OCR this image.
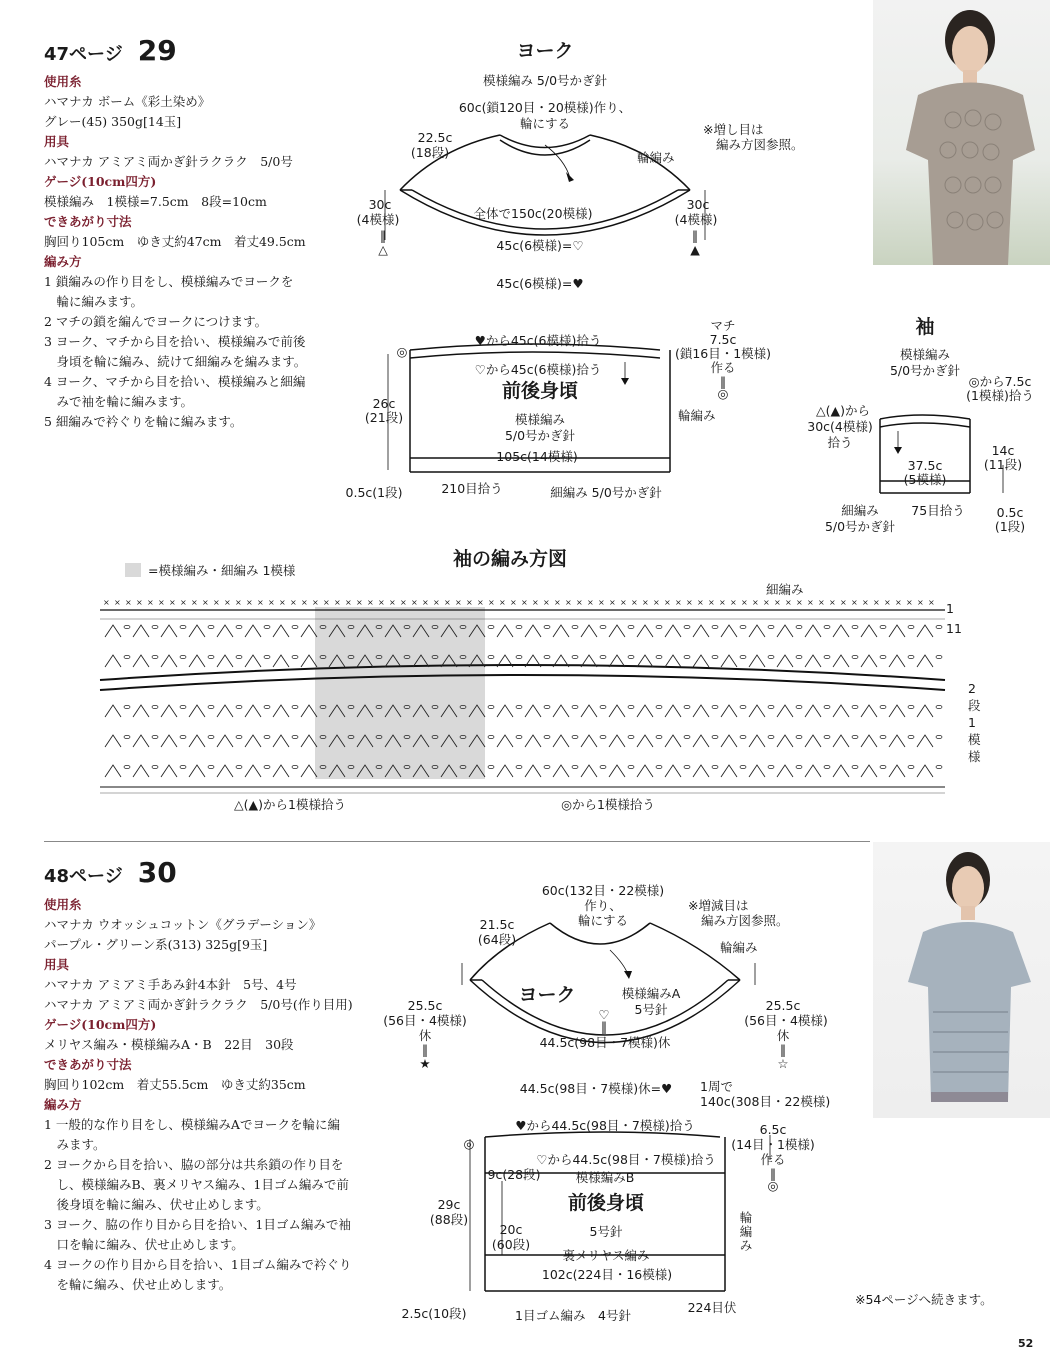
47ページ 29
使用糸
ハマナカ ボーム《彩土染め》
グレー(45) 350g[14玉]
用具
ハマナカ アミアミ両かぎ針ラクラク　5/0号
ゲージ(10cm四方)
模様編み　1模様=7.5cm　8段=10cm
できあがり寸法
胸回り105cm　ゆき丈約47cm　着丈49.5cm
編み方
1 鎖編みの作り目をし、模様編みでヨークを
　輪に編みます。
2 マチの鎖を編んでヨークにつけます。
3 ヨーク、マチから目を拾い、模様編みで前後
　身頃を輪に編み、続けて細編みを編みます。
4 ヨーク、マチから目を拾い、模様編みと細編
　みで袖を輪に編みます。
5 細編みで衿ぐりを輪に編みます。
ヨーク
模様編み 5/0号かぎ針
60c(鎖120目・20模様)作り、
輪にする
22.5c
(18段)	輪編み
※増し目は
編み方図参照。
30c
(4模様)
‖
△
30c
(4模様)
‖
▲
全体で150c(20模様)
45c(6模様)=♡
45c(6模様)=♥
♥から45c(6模様)拾う
♡から45c(6模様)拾う
前後身頃
模様編み
5/0号かぎ針
105c(14模様)
26c
(21段)	輪編み
0.5c(1段)	210目拾う	細編み 5/0号かぎ針
◎
マチ
7.5c
(鎖16目・1模様)
作る
‖
◎
袖
模様編み
5/0号かぎ針
◎から7.5c
(1模様)拾う
△(▲)から
30c(4模様)
拾う
37.5c
(5模様)
14c
(11段)
0.5c
(1段)
75目拾う
細編み
5/0号かぎ針
袖の編み方図
=模様編み・細編み 1模様
細編み
1
11
2段1模様
× × × × × × × × × × × × × × × × × × × × × × × × × × × × × × × × × × × × × × × × × × × × × × × × × × × × × × × × × × × × × × × × × × × × × × × × × × × ×
△(▲)から1模様拾う	◎から1模様拾う
48ページ 30
使用糸
ハマナカ ウオッシュコットン《グラデーション》
パープル・グリーン系(313) 325g[9玉]
用具
ハマナカ アミアミ手あみ針4本針　5号、4号
ハマナカ アミアミ両かぎ針ラクラク　5/0号(作り目用)
ゲージ(10cm四方)
メリヤス編み・模様編みA・B　22目　30段
できあがり寸法
胸回り102cm　着丈55.5cm　ゆき丈約35cm
編み方
1 一般的な作り目をし、模様編みAでヨークを輪に編
　みます。
2 ヨークから目を拾い、脇の部分は共糸鎖の作り目を
　し、模様編みB、裏メリヤス編み、1目ゴム編みで前
　後身頃を輪に編み、伏せ止めします。
3 ヨーク、脇の作り目から目を拾い、1目ゴム編みで袖
　口を輪に編み、伏せ止めします。
4 ヨークの作り目から目を拾い、1目ゴム編みで衿ぐり
　を輪に編み、伏せ止めします。
60c(132目・22模様)
作り、
輪にする
21.5c
(64段)
輪編み
※増減目は
編み方図参照。
ヨーク	模様編みA
5号針
♡
‖
25.5c
(56目・4模様)
休
‖
★
25.5c
(56目・4模様)
休
‖
☆
44.5c(98目・7模様)休
44.5c(98目・7模様)休=♥ 1周で
140c(308目・22模様)
♥から44.5c(98目・7模様)拾う
♡から44.5c(98目・7模様)拾う
9c(28段)	模様編みB
前後身頃
5号針
裏メリヤス編み
102c(224目・16模様)
29c
(88段)
20c
(60段)
輪
編
み
2.5c(10段)	1目ゴム編み　4号針
224目伏
◎
6.5c
(14目・1模様)
作る
‖
◎
※54ページへ続きます。
52
